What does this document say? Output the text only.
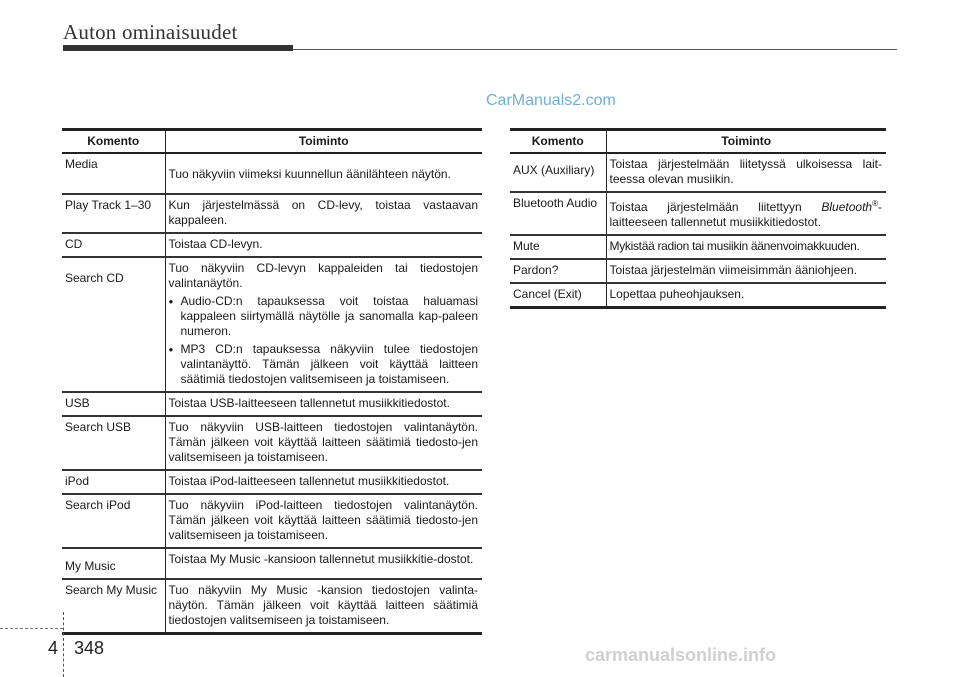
Auton ominaisuudet
CarManuals2.com
Komento	Toiminto
Media	Tuo näkyviin viimeksi kuunnellun äänilähteen näytön.

Play Track 1–30	Kun järjestelmässä on CD-levy, toistaa vastaavan kappaleen.
CD	Toistaa CD-levyn.

Search CD	Tuo näkyviin CD-levyn kappaleiden tai tiedostojen valintanäytön.
● Audio-CD:n tapauksessa voit toistaa haluamasi kappaleen siirtymällä näytölle ja sanomalla kap-paleen numeron.
● MP3 CD:n tapauksessa näkyviin tulee tiedostojen valintanäyttö. Tämän jälkeen voit käyttää laitteen säätimiä tiedostojen valitsemiseen ja toistamiseen.

USB	Toistaa USB-laitteeseen tallennetut musiikkitiedostot.
Search USB	Tuo näkyviin USB-laitteen tiedostojen valintanäytön. Tämän jälkeen voit käyttää laitteen säätimiä tiedosto-jen valitsemiseen ja toistamiseen.
iPod	Toistaa iPod-laitteeseen tallennetut musiikkitiedostot.
Search iPod	Tuo näkyviin iPod-laitteen tiedostojen valintanäytön. Tämän jälkeen voit käyttää laitteen säätimiä tiedosto-jen valitsemiseen ja toistamiseen.

My Music	Toistaa My Music -kansioon tallennetut musiikkitie-dostot.
Search My Music	Tuo näkyviin My Music -kansion tiedostojen valinta-näytön. Tämän jälkeen voit käyttää laitteen säätimiä tiedostojen valitsemiseen ja toistamiseen.
Komento	Toiminto

AUX (Auxiliary)	Toistaa järjestelmään liitetyssä ulkoisessa lait-teessa olevan musiikin.
Bluetooth Audio	Toistaa järjestelmään liitettyyn Bluetooth®-laitteeseen tallennetut musiikkitiedostot.
Mute	Mykistää radion tai musiikin äänenvoimakkuuden.
Pardon?	Toistaa järjestelmän viimeisimmän ääniohjeen.
Cancel (Exit)	Lopettaa puheohjauksen.
4 348	carmanualsonline.info
